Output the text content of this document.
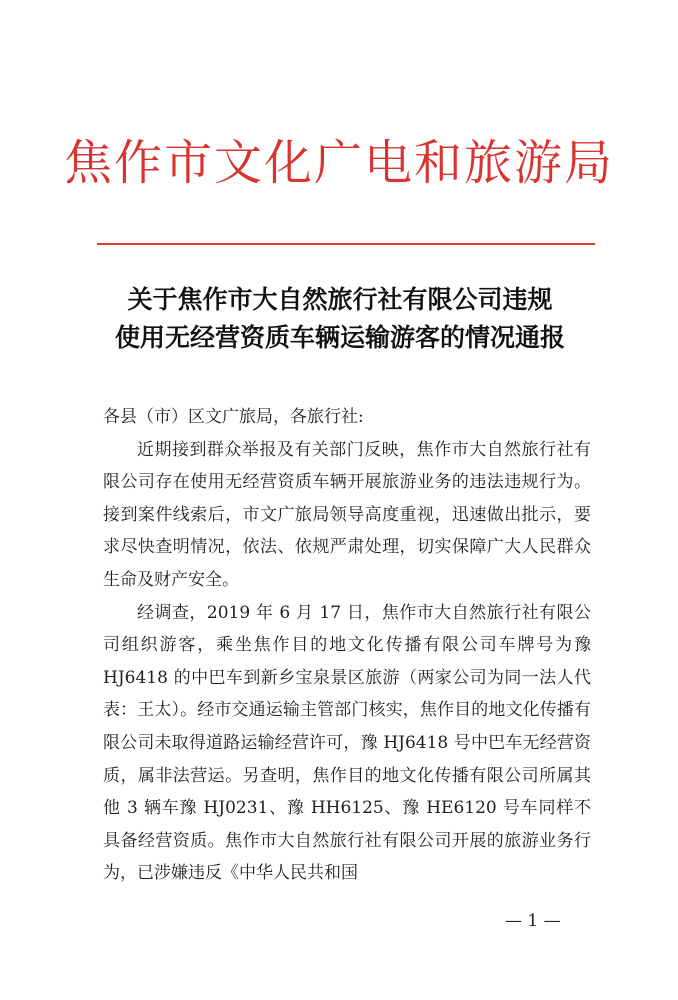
焦作市文化广电和旅游局
关于焦作市大自然旅行社有限公司违规
使用无经营资质车辆运输游客的情况通报

各县（市）区文广旅局，各旅行社:

近期接到群众举报及有关部门反映，焦作市大自然旅行社有限公司存在使用无经营资质车辆开展旅游业务的违法违规行为。接到案件线索后，市文广旅局领导高度重视，迅速做出批示，要求尽快查明情况，依法、依规严肃处理，切实保障广大人民群众生命及财产安全。

经调查，2019 年 6 月 17 日，焦作市大自然旅行社有限公司组织游客，乘坐焦作目的地文化传播有限公司车牌号为豫 HJ6418 的中巴车到新乡宝泉景区旅游（两家公司为同一法人代表：王太）。经市交通运输主管部门核实，焦作目的地文化传播有限公司未取得道路运输经营许可，豫 HJ6418 号中巴车无经营资质，属非法营运。另查明，焦作目的地文化传播有限公司所属其他 3 辆车豫 HJ0231、豫 HH6125、豫 HE6120 号车同样不具备经营资质。焦作市大自然旅行社有限公司开展的旅游业务行为，已涉嫌违反《中华人民共和国

— 1 —
